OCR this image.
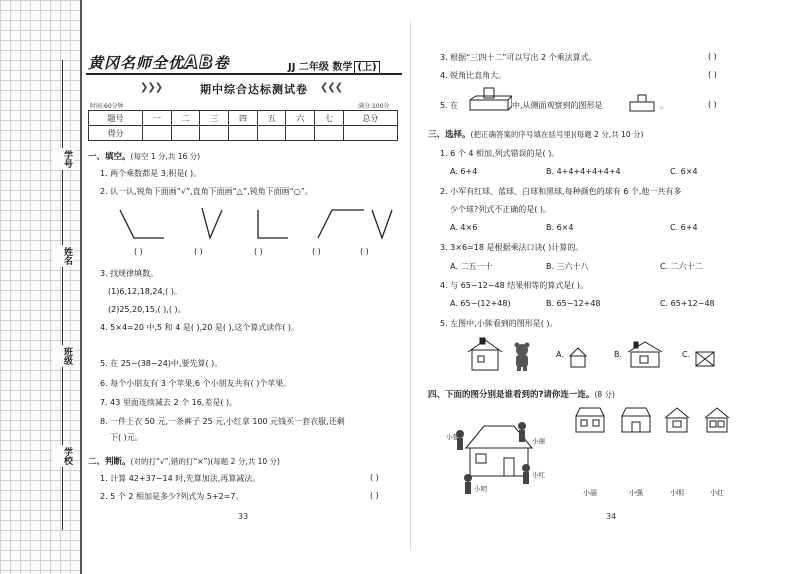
学号
姓名
班级
学校
黄冈名师全优AB卷	JJ 二年级 数学 (上)
❯❯❯	期中综合达标测试卷 ❮❮❮
时间:60分钟	满分:100分
题号	一	二	三	四	五	六	七	总分
得分								
一、填空。(每空 1 分,共 16 分)
1. 两个乘数都是 3,积是( )。
2. 认一认,锐角下面画“√”,直角下面画“△”,钝角下面画“○”。
( )	( )	( )	( )	( )
3. 找规律填数。
(1)6,12,18,24,( )。
(2)25,20,15,( ),( )。
4. 5×4=20 中,5 和 4 是( ),20 是( ),这个算式读作( )。
5. 在 25−(38−24)中,要先算( )。
6. 每个小朋友有 3 个苹果,6 个小朋友共有( )个苹果。
7. 43 里面连续减去 2 个 16,差是( )。
8. 一件上衣 50 元,一条裤子 25 元,小红拿 100 元钱买一套衣服,还剩
下( )元。
二、判断。(对的打“√”,错的打“×”)(每题 2 分,共 10 分)
1. 计算 42+37−14 时,先算加法,再算减法。	( )
2. 5 个 2 相加是多少?列式为 5+2=7。	( )
33
3. 根据“三四十二”可以写出 2 个乘法算式。	( )
4. 锐角比直角大。	( )
5. 在	中,从侧面观察到的图形是	。	( )
三、选择。(把正确答案的序号填在括号里)(每题 2 分,共 10 分)
1. 6 个 4 相加,列式错误的是( )。
A. 6+4	B. 4+4+4+4+4+4	C. 6×4
2. 小军有红球、蓝球、白球和黑球,每种颜色的球有 6 个,他一共有多
少个球?列式不正确的是( )。
A. 4×6	B. 6×4	C. 6+4
3. 3×6=18 是根据乘法口诀( )计算的。
A. 二五一十	B. 三六十八	C. 二六十二
4. 与 65−12−48 结果相等的算式是( )。
A. 65−(12+48)	B. 65−12+48	C. 65+12−48
5. 左图中,小熊看到的图形是( )。
A.	B.	C.
四、下面的图分别是谁看到的?请你连一连。(8 分)
小强	小丽
小明
小红
小丽	小强	小明	小红
34
